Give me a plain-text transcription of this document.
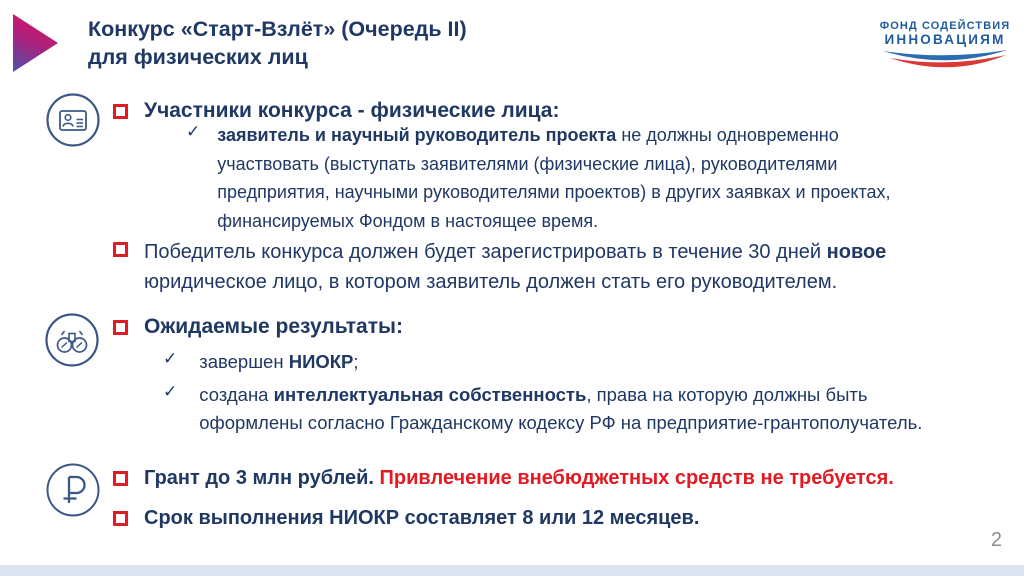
Конкурс «Старт-Взлёт» (Очередь II)
для физических лиц
ФОНД СОДЕЙСТВИЯ
ИННОВАЦИЯМ
Участники конкурса - физические лица:
✓ заявитель и научный руководитель проекта не должны одновременно
участвовать (выступать заявителями (физические лица), руководителями
предприятия, научными руководителями проектов) в других заявках и проектах,
финансируемых Фондом в настоящее время.
Победитель конкурса должен будет зарегистрировать в течение 30 дней новое
юридическое лицо, в котором заявитель должен стать его руководителем.
Ожидаемые результаты:
✓ завершен НИОКР;
✓ создана интеллектуальная собственность, права на которую должны быть
оформлены согласно Гражданскому кодексу РФ на предприятие-грантополучатель.
Грант до 3 млн рублей. Привлечение внебюджетных средств не требуется.
Срок выполнения НИОКР составляет 8 или 12 месяцев.
2
